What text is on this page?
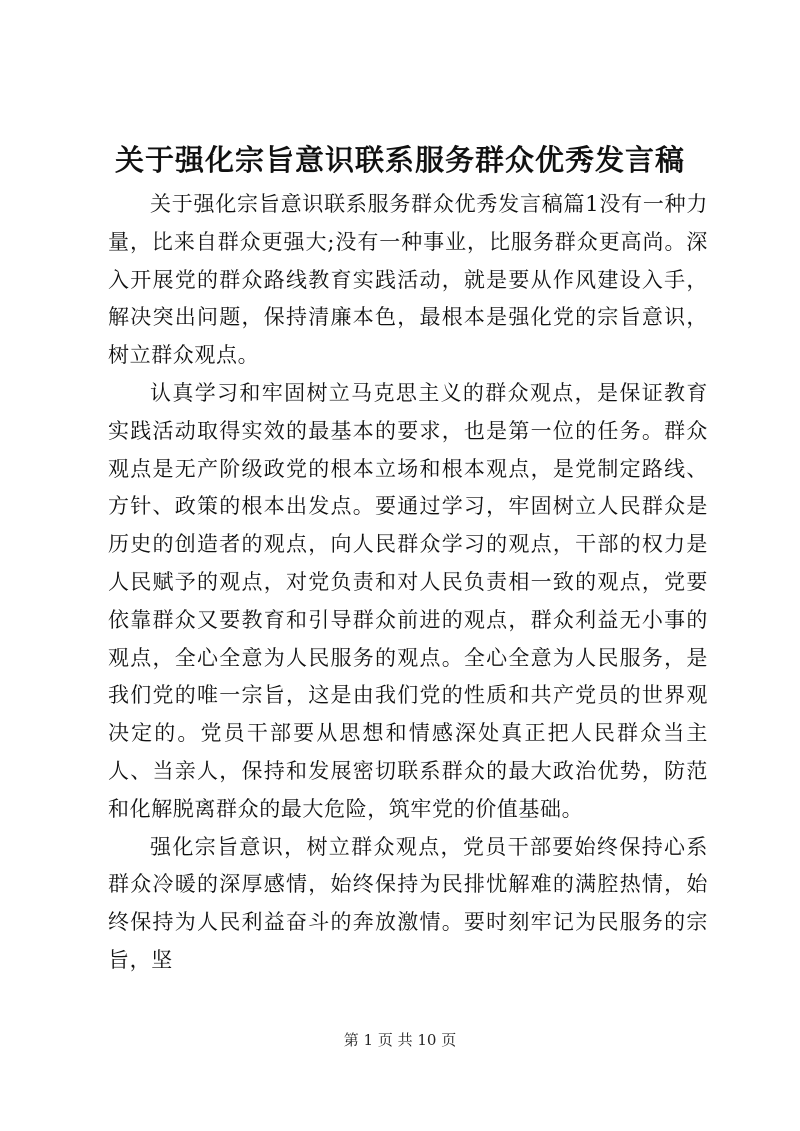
关于强化宗旨意识联系服务群众优秀发言稿

关于强化宗旨意识联系服务群众优秀发言稿篇1没有一种力量，比来自群众更强大;没有一种事业，比服务群众更高尚。深入开展党的群众路线教育实践活动，就是要从作风建设入手，解决突出问题，保持清廉本色，最根本是强化党的宗旨意识，树立群众观点。

认真学习和牢固树立马克思主义的群众观点，是保证教育实践活动取得实效的最基本的要求，也是第一位的任务。群众观点是无产阶级政党的根本立场和根本观点，是党制定路线、方针、政策的根本出发点。要通过学习，牢固树立人民群众是历史的创造者的观点，向人民群众学习的观点，干部的权力是人民赋予的观点，对党负责和对人民负责相一致的观点，党要依靠群众又要教育和引导群众前进的观点，群众利益无小事的观点，全心全意为人民服务的观点。全心全意为人民服务，是我们党的唯一宗旨，这是由我们党的性质和共产党员的世界观决定的。党员干部要从思想和情感深处真正把人民群众当主人、当亲人，保持和发展密切联系群众的最大政治优势，防范和化解脱离群众的最大危险，筑牢党的价值基础。

强化宗旨意识，树立群众观点，党员干部要始终保持心系群众冷暖的深厚感情，始终保持为民排忧解难的满腔热情，始终保持为人民利益奋斗的奔放激情。要时刻牢记为民服务的宗旨，坚

第 1 页 共 10 页
